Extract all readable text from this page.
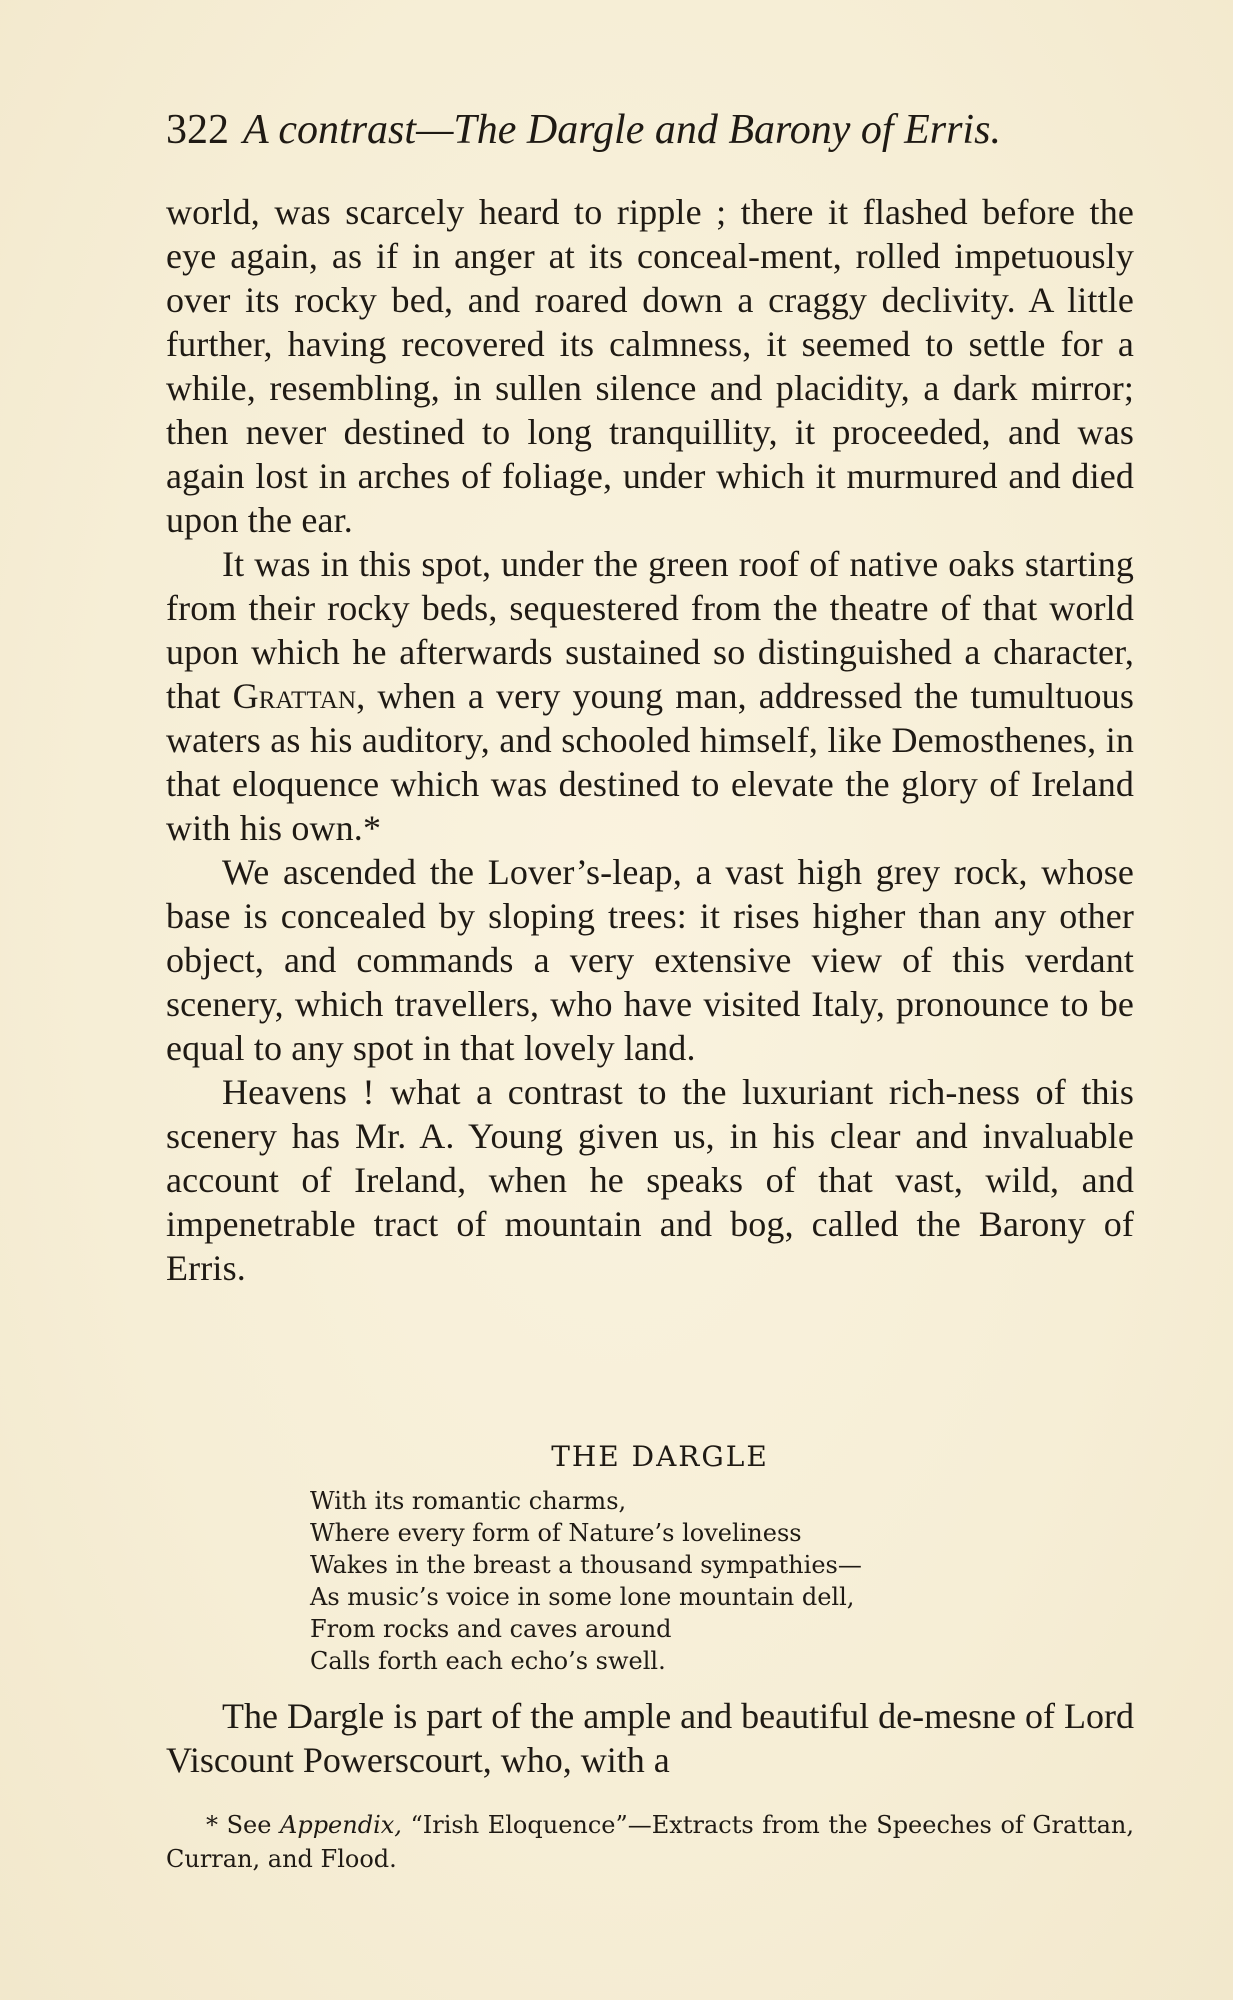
322 A contrast—The Dargle and Barony of Erris.

world, was scarcely heard to ripple ; there it flashed before the eye again, as if in anger at its conceal-ment, rolled impetuously over its rocky bed, and roared down a craggy declivity. A little further, having recovered its calmness, it seemed to settle for a while, resembling, in sullen silence and placidity, a dark mirror; then never destined to long tranquillity, it proceeded, and was again lost in arches of foliage, under which it murmured and died upon the ear.

It was in this spot, under the green roof of native oaks starting from their rocky beds, sequestered from the theatre of that world upon which he afterwards sustained so distinguished a character, that Grattan, when a very young man, addressed the tumultuous waters as his auditory, and schooled himself, like Demosthenes, in that eloquence which was destined to elevate the glory of Ireland with his own.*

We ascended the Lover’s-leap, a vast high grey rock, whose base is concealed by sloping trees: it rises higher than any other object, and commands a very extensive view of this verdant scenery, which travellers, who have visited Italy, pronounce to be equal to any spot in that lovely land.

Heavens ! what a contrast to the luxuriant rich-ness of this scenery has Mr. A. Young given us, in his clear and invaluable account of Ireland, when he speaks of that vast, wild, and impenetrable tract of mountain and bog, called the Barony of Erris.

THE DARGLE
With its romantic charms,
Where every form of Nature’s loveliness
Wakes in the breast a thousand sympathies—
As music’s voice in some lone mountain dell,
From rocks and caves around
Calls forth each echo’s swell.

The Dargle is part of the ample and beautiful de-mesne of Lord Viscount Powerscourt, who, with a

* See Appendix, “Irish Eloquence”—Extracts from the Speeches of Grattan, Curran, and Flood.
